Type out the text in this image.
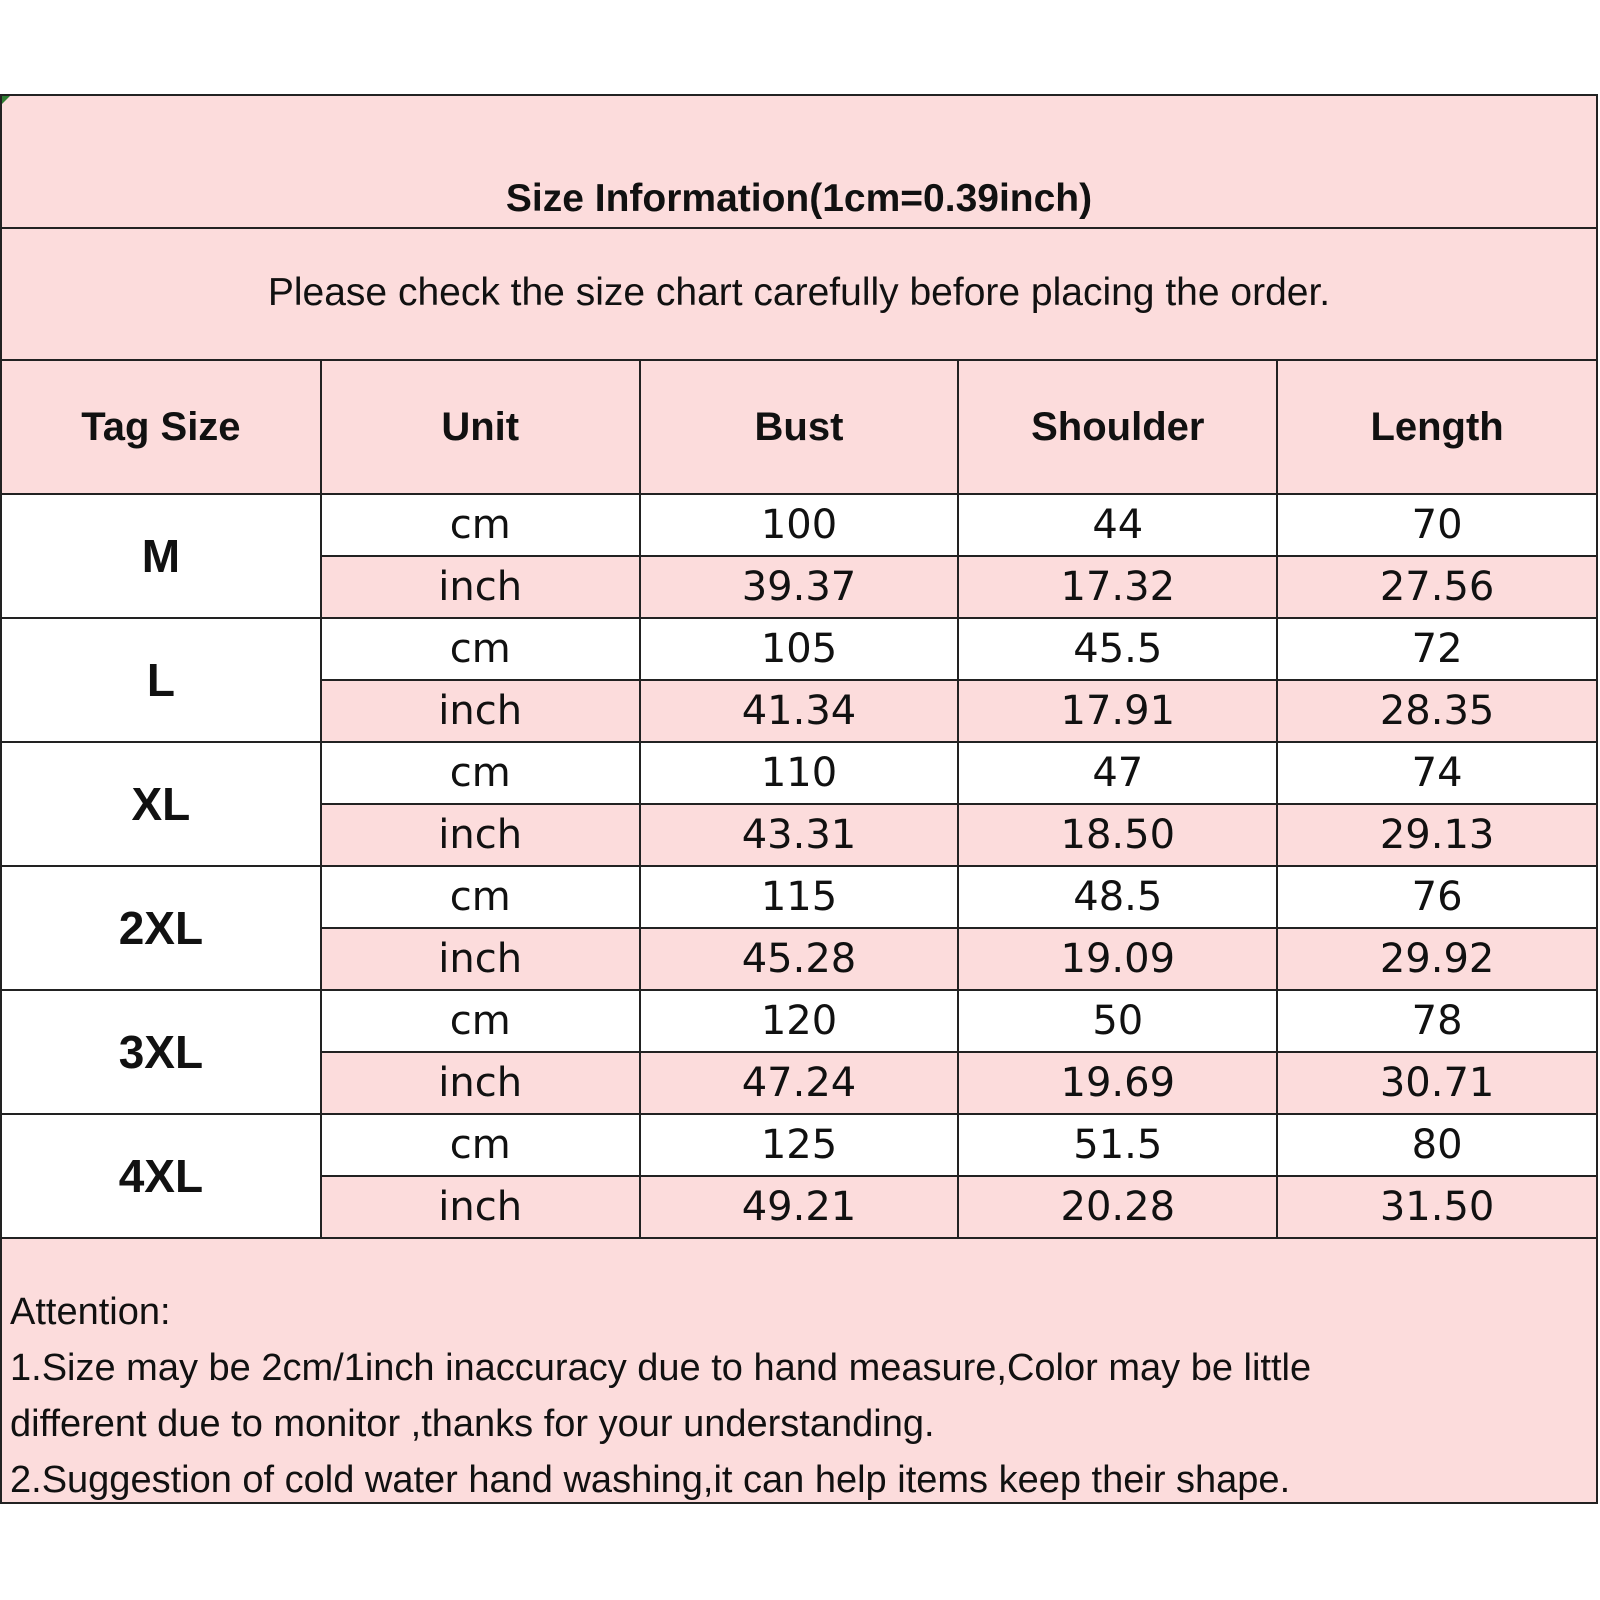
Size Information(1cm=0.39inch)
Please check the size chart carefully before placing the order.
Tag Size	Unit	Bust	Shoulder	Length
M	cm	100	44	70
	inch	39.37	17.32	27.56
L	cm	105	45.5	72
	inch	41.34	17.91	28.35
XL	cm	110	47	74
	inch	43.31	18.50	29.13
2XL	cm	115	48.5	76
	inch	45.28	19.09	29.92
3XL	cm	120	50	78
	inch	47.24	19.69	30.71
4XL	cm	125	51.5	80
	inch	49.21	20.28	31.50

Attention:

1.Size may be 2cm/1inch inaccuracy due to hand measure,Color may be little

different due to monitor ,thanks for your understanding.

2.Suggestion of cold water hand washing,it can help items keep their shape.
